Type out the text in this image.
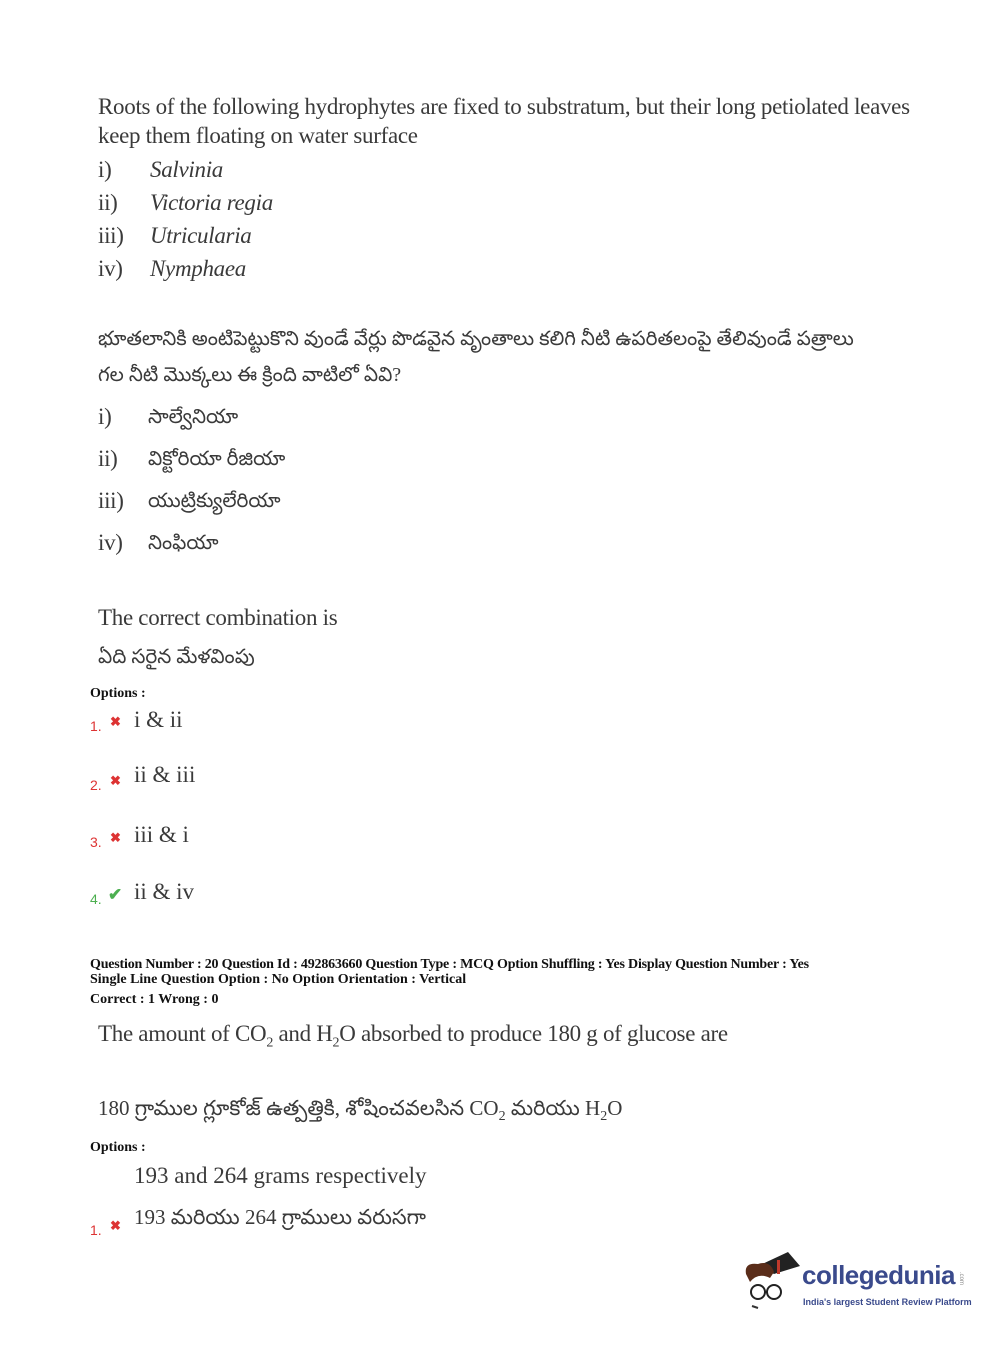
Roots of the following hydrophytes are fixed to substratum, but their long petiolated leaves
keep them floating on water surface
i) Salvinia
ii) Victoria regia
iii) Utricularia
iv) Nymphaea
భూతలానికి అంటిపెట్టుకొని వుండే వేర్లు పొడవైన వృంతాలు కలిగి నీటి ఉపరితలంపై తేలివుండే పత్రాలు
గల నీటి మొక్కలు ఈ క్రింది వాటిలో ఏవి?
i) సాల్వేనియా
ii) విక్టోరియా రీజియా
iii) యుట్రిక్యులేరియా
iv) నింఫియా
The correct combination is
ఏది సరైన మేళవింపు
Options :
1. ✖ i & ii
2. ✖ ii & iii
3. ✖ iii & i
4. ✔ ii & iv
Question Number : 20 Question Id : 492863660 Question Type : MCQ Option Shuffling : Yes Display Question Number : Yes
Single Line Question Option : No Option Orientation : Vertical
Correct : 1 Wrong : 0
The amount of $CO_2$ and $H_2O$ absorbed to produce 180 g of glucose are
180 గ్రాముల గ్లూకోజ్ ఉత్పత్తికి, శోషించవలసిన $CO_2$ మరియు $H_2O$
Options :
193 and 264 grams respectively
1. ✖ 193 మరియు 264 గ్రాములు వరుసగా
collegedunia .com
India's largest Student Review Platform
